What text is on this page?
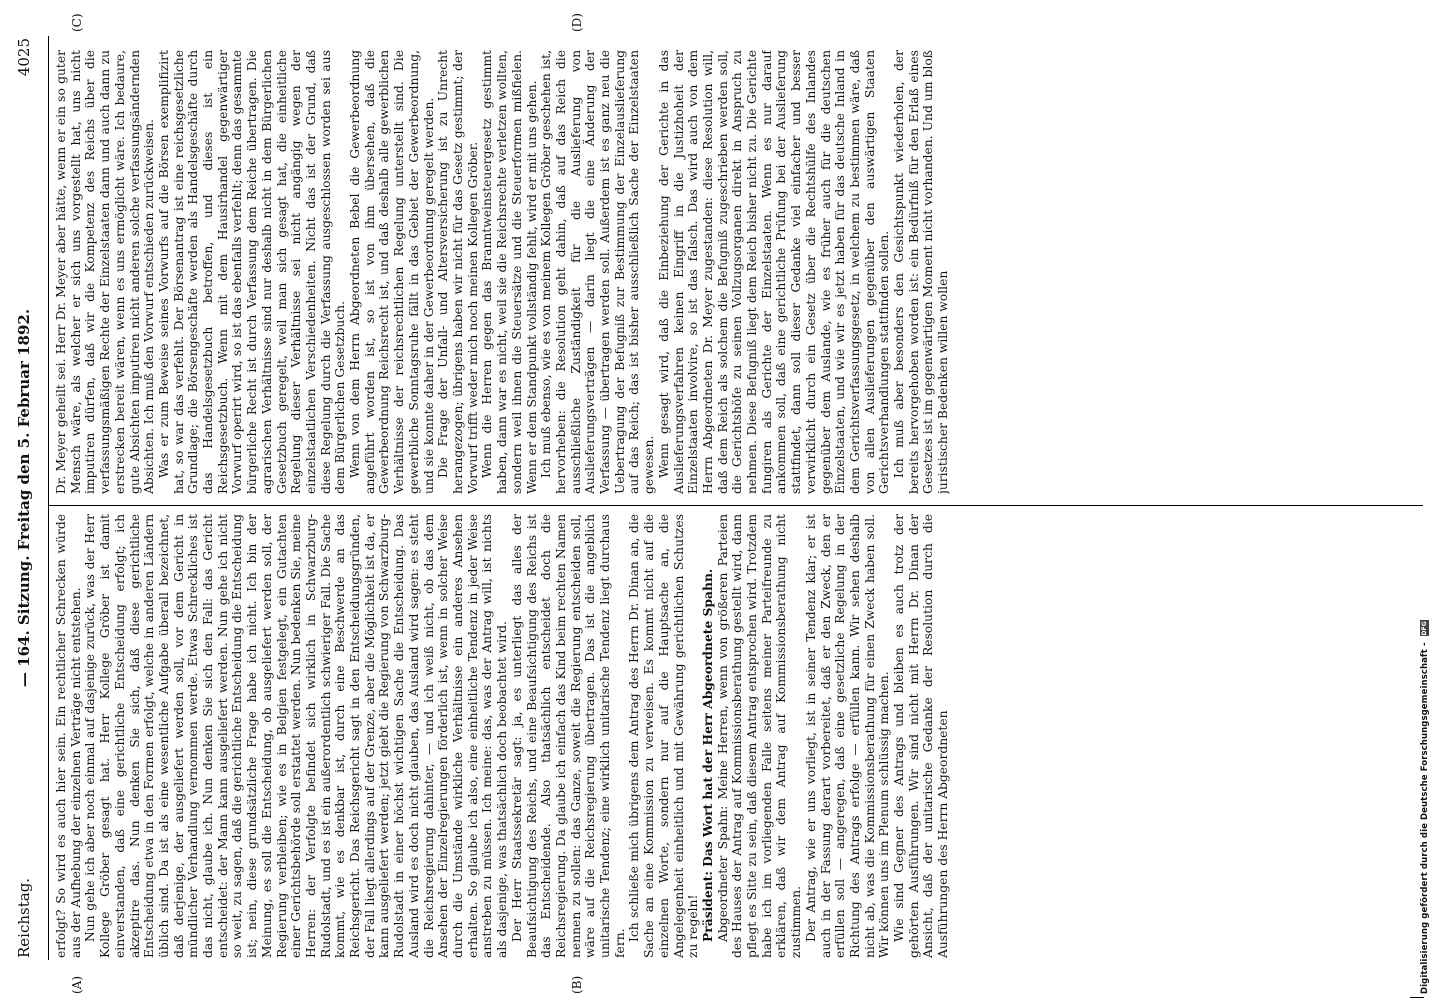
Reichstag.
— 164. Sitzung. Freitag den 5. Februar 1892.
4025
(A)	(B)
(C)	(D)

erfolgt? So wird es auch hier sein. Ein rechtlicher Schrecken würde aus der Aufhebung der einzelnen Verträge nicht entstehen. Nun gehe ich aber noch einmal auf dasjenige zurück, was der Herr Kollege Gröber gesagt hat. Herr Kollege Gröber ist damit einverstanden, daß eine gerichtliche Entscheidung erfolgt; ich akzeptire das. Nun denken Sie sich, daß diese gerichtliche Entscheidung etwa in den Formen erfolgt, welche in anderen Ländern üblich sind. Da ist als eine wesentliche Aufgabe überall bezeichnet, daß derjenige, der ausgeliefert werden soll, vor dem Gericht in mündlicher Verhandlung vernommen werde. Etwas Schreckliches ist das nicht, glaube ich. Nun denken Sie sich den Fall: das Gericht entscheidet: der Mann kann ausgeliefert werden. Nun gehe ich nicht so weit, zu sagen, daß die gerichtliche Entscheidung die Entscheidung ist; nein, diese grundsätzliche Frage habe ich nicht. Ich bin der Meinung, es soll die Entscheidung, ob ausgeliefert werden soll, der Regierung verbleiben; wie es in Belgien festgelegt, ein Gutachten einer Gerichtsbehörde soll erstattet werden. Nun bedenken Sie, meine Herren: der Verfolgte befindet sich wirklich in Schwarzburg-Rudolstadt, und es ist ein außerordentlich schwieriger Fall. Die Sache kommt, wie es denkbar ist, durch eine Beschwerde an das Reichsgericht. Das Reichsgericht sagt in den Entscheidungsgründen, der Fall liegt allerdings auf der Grenze, aber die Möglichkeit ist da, er kann ausgeliefert werden; jetzt giebt die Regierung von Schwarzburg-Rudolstadt in einer höchst wichtigen Sache die Entscheidung. Das Ausland wird es doch nicht glauben, das Ausland wird sagen: es steht die Reichsregierung dahinter, — und ich weiß nicht, ob das dem Ansehen der Einzelregierungen förderlich ist, wenn in solcher Weise durch die Umstände wirkliche Verhältnisse ein anderes Ansehen erhalten. So glaube ich also, eine einheitliche Tendenz in jeder Weise anstreben zu müssen. Ich meine: das, was der Antrag will, ist nichts als dasjenige, was thatsächlich doch beobachtet wird. Der Herr Staatssekretär sagt: ja, es unterliegt das alles der Beaufsichtigung des Reichs, und eine Beaufsichtigung des Reichs ist das Entscheidende. Also thatsächlich entscheidet doch die Reichsregierung. Da glaube ich einfach das Kind beim rechten Namen nennen zu sollen: das Ganze, soweit die Regierung entscheiden soll, wäre auf die Reichsregierung übertragen. Das ist die angeblich unitarische Tendenz; eine wirklich unitarische Tendenz liegt durchaus fern.

Ich schließe mich übrigens dem Antrag des Herrn Dr. Dinan an, die Sache an eine Kommission zu verweisen. Es kommt nicht auf die einzelnen Worte, sondern nur auf die Hauptsache an, die Angelegenheit einheitlich und mit Gewährung gerichtlichen Schutzes zu regeln! Präsident: Das Wort hat der Herr Abgeordnete Spahn. Abgeordneter Spahn: Meine Herren, wenn von größeren Parteien des Hauses der Antrag auf Kommissionsberathung gestellt wird, dann pflegt es Sitte zu sein, daß diesem Antrag entsprochen wird. Trotzdem habe ich im vorliegenden Falle seitens meiner Parteifreunde zu erklären, daß wir dem Antrag auf Kommissionsberathung nicht zustimmen. Der Antrag, wie er uns vorliegt, ist in seiner Tendenz klar; er ist auch in der Fassung derart vorbereitet, daß er den Zweck, den er erfüllen soll — angeregen, daß eine gesetzliche Regelung in der Richtung des Antrags erfolge — erfüllen kann. Wir sehen deshalb nicht ab, was die Kommissionsberathung für einen Zweck haben soll. Wir können uns im Plenum schlüssig machen. Wie sind Gegner des Antrags und bleiben es auch trotz der gehörten Ausführungen. Wir sind nicht mit Herrn Dr. Dinan der Ansicht, daß der unitarische Gedanke der Resolution durch die Ausführungen des Herrn Abgeordneten

Dr. Meyer geheilt sei. Herr Dr. Meyer aber hätte, wenn er ein so guter Mensch wäre, als welcher er sich uns vorgestellt hat, uns nicht imputiren dürfen, daß wir die Kompetenz des Reichs über die verfassungsmäßigen Rechte der Einzelstaaten dann und auch dann zu erstrecken bereit wären, wenn es uns ermöglicht wäre. Ich bedaure, gute Absichten imputiren nicht anderen solche verfassungsändernden Absichten. Ich muß den Vorwurf entschieden zurückweisen. Was er zum Beweise seines Vorwurfs auf die Börsen exemplifizirt hat, so war das verfehlt. Der Börsenantrag ist eine reichsgesetzliche Grundlage; die Börsengeschäfte werden als Handelsgeschäfte durch das Handelsgesetzbuch betroffen, und dieses ist ein Reichsgesetzbuch. Wenn mit dem Hausirhandel gegenwärtiger Vorwurf operirt wird, so ist das ebenfalls verfehlt; denn das gesammte bürgerliche Recht ist durch Verfassung dem Reiche übertragen. Die agrarischen Verhältnisse sind nur deshalb nicht in dem Bürgerlichen Gesetzbuch geregelt, weil man sich gesagt hat, die einheitliche Regelung dieser Verhältnisse sei nicht angängig wegen der einzelstaatlichen Verschiedenheiten. Nicht das ist der Grund, daß diese Regelung durch die Verfassung ausgeschlossen worden sei aus dem Bürgerlichen Gesetzbuch. Wenn von dem Herrn Abgeordneten Bebel die Gewerbeordnung angeführt worden ist, so ist von ihm übersehen, daß die Gewerbeordnung Reichsrecht ist, und daß deshalb alle gewerblichen Verhältnisse der reichsrechtlichen Regelung unterstellt sind. Die gewerbliche Sonntagsruhe fällt in das Gebiet der Gewerbeordnung, und sie konnte daher in der Gewerbeordnung geregelt werden. Die Frage der Unfall- und Altersversicherung ist zu Unrecht herangezogen; übrigens haben wir nicht für das Gesetz gestimmt; der Vorwurf trifft weder mich noch meinen Kollegen Gröber. Wenn die Herren gegen das Branntweinsteuergesetz gestimmt haben, dann war es nicht, weil sie die Reichsrechte verletzen wollten, sondern weil ihnen die Steuersätze und die Steuerformen mißfielen. Wenn er dem Standpunkt vollständig fehlt, wird er mit uns gehen. Ich muß ebenso, wie es von meinem Kollegen Gröber geschehen ist, hervorheben: die Resolution geht dahin, daß auf das Reich die ausschließliche Zuständigkeit für die Auslieferung von Auslieferungsverträgen — darin liegt die eine Änderung der Verfassung — übertragen werden soll. Außerdem ist es ganz neu die Uebertragung der Befugniß zur Bestimmung der Einzelauslieferung auf das Reich; das ist bisher ausschließlich Sache der Einzelstaaten gewesen. Wenn gesagt wird, daß die Einbeziehung der Gerichte in das Auslieferungsverfahren keinen Eingriff in die Justizhoheit der Einzelstaaten involvire, so ist das falsch. Das wird auch von dem Herrn Abgeordneten Dr. Meyer zugestanden: diese Resolution will, daß dem Reich als solchem die Befugniß zugeschrieben werden soll, die Gerichtshöfe zu seinen Vollzugsorganen direkt in Anspruch zu nehmen. Diese Befugniß liegt dem Reich bisher nicht zu. Die Gerichte fungiren als Gerichte der Einzelstaaten. Wenn es nur darauf ankommen soll, daß eine gerichtliche Prüfung bei der Auslieferung stattfindet, dann soll dieser Gedanke viel einfacher und besser verwirklicht durch ein Gesetz über die Rechtshülfe des Inlandes gegenüber dem Auslande, wie es früher auch für die deutschen Einzelstaaten, und wie wir es jetzt haben für das deutsche Inland in dem Gerichtsverfassungsgesetz, in welchem zu bestimmen wäre, daß von allen Auslieferungen gegenüber den auswärtigen Staaten Gerichtsverhandlungen stattfinden sollen. Ich muß aber besonders den Gesichtspunkt wiederholen, der bereits hervorgehoben worden ist: ein Bedürfniß für den Erlaß eines Gesetzes ist im gegenwärtigen Moment nicht vorhanden. Und um bloß juristischer Bedenken willen wollen

Digitalisierung gefördert durch die Deutsche Forschungsgemeinschaft - DFG
